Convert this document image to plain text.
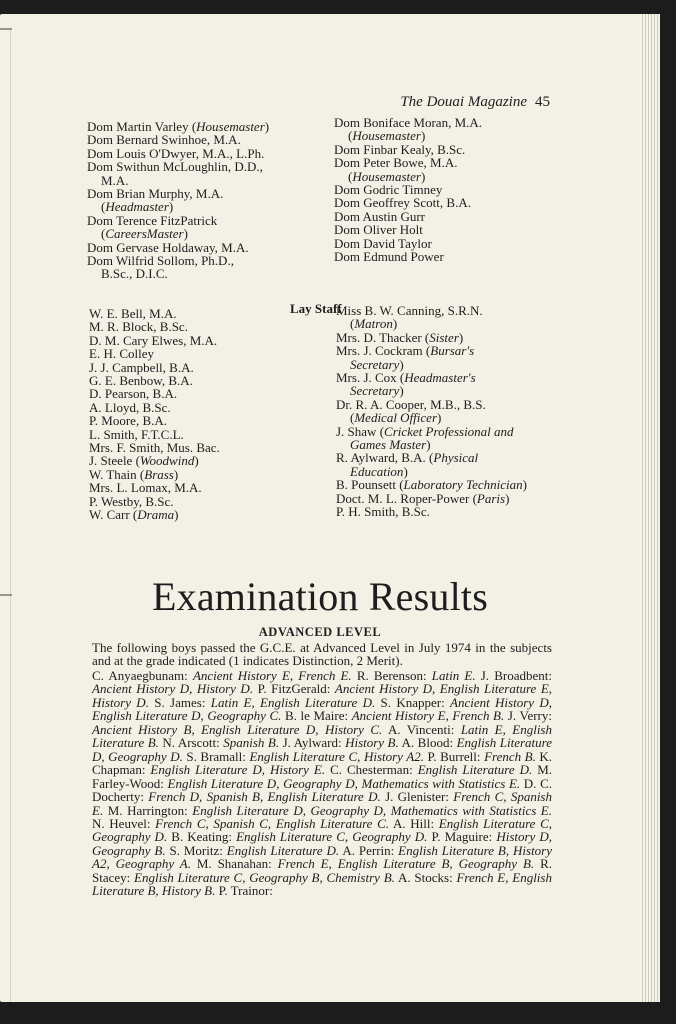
The Douai Magazine 45
Dom Martin Varley (Housemaster)
Dom Bernard Swinhoe, M.A.
Dom Louis O'Dwyer, M.A., L.Ph.
Dom Swithun McLoughlin, D.D.,
M.A.
Dom Brian Murphy, M.A.
(Headmaster)
Dom Terence FitzPatrick
(CareersMaster)
Dom Gervase Holdaway, M.A.
Dom Wilfrid Sollom, Ph.D.,
B.Sc., D.I.C.
Dom Boniface Moran, M.A.
(Housemaster)
Dom Finbar Kealy, B.Sc.
Dom Peter Bowe, M.A.
(Housemaster)
Dom Godric Timney
Dom Geoffrey Scott, B.A.
Dom Austin Gurr
Dom Oliver Holt
Dom David Taylor
Dom Edmund Power
Lay Staff
W. E. Bell, M.A.
M. R. Block, B.Sc.
D. M. Cary Elwes, M.A.
E. H. Colley
J. J. Campbell, B.A.
G. E. Benbow, B.A.
D. Pearson, B.A.
A. Lloyd, B.Sc.
P. Moore, B.A.
L. Smith, F.T.C.L.
Mrs. F. Smith, Mus. Bac.
J. Steele (Woodwind)
W. Thain (Brass)
Mrs. L. Lomax, M.A.
P. Westby, B.Sc.
W. Carr (Drama)
Miss B. W. Canning, S.R.N.
(Matron)
Mrs. D. Thacker (Sister)
Mrs. J. Cockram (Bursar's
Secretary)
Mrs. J. Cox (Headmaster's
Secretary)
Dr. R. A. Cooper, M.B., B.S.
(Medical Officer)
J. Shaw (Cricket Professional and
Games Master)
R. Aylward, B.A. (Physical
Education)
B. Pounsett (Laboratory Technician)
Doct. M. L. Roper-Power (Paris)
P. H. Smith, B.Sc.
Examination Results
ADVANCED LEVEL
The following boys passed the G.C.E. at Advanced Level in July 1974 in the subjects and at the grade indicated (1 indicates Distinction, 2 Merit).
C. Anyaegbunam: Ancient History E, French E. R. Berenson: Latin E. J. Broadbent: Ancient History D, History D. P. FitzGerald: Ancient History D, English Literature E, History D. S. James: Latin E, English Literature D. S. Knapper: Ancient History D, English Literature D, Geography C. B. le Maire: Ancient History E, French B. J. Verry: Ancient History B, English Literature D, History C. A. Vincenti: Latin E, English Literature B. N. Arscott: Spanish B. J. Aylward: History B. A. Blood: English Literature D, Geography D. S. Bramall: English Literature C, History A2. P. Burrell: French B. K. Chapman: English Literature D, History E. C. Chesterman: English Literature D. M. Farley-Wood: English Literature D, Geography D, Mathematics with Statistics E. D. C. Docherty: French D, Spanish B, English Literature D. J. Glenister: French C, Spanish E. M. Harrington: English Literature D, Geography D, Mathematics with Statistics E. N. Heuvel: French C, Spanish C, English Literature C. A. Hill: English Literature C, Geography D. B. Keating: English Literature C, Geography D. P. Maguire: History D, Geography B. S. Moritz: English Literature D. A. Perrin: English Literature B, History A2, Geography A. M. Shanahan: French E, English Literature B, Geography B. R. Stacey: English Literature C, Geography B, Chemistry B. A. Stocks: French E, English Literature B, History B. P. Trainor:
